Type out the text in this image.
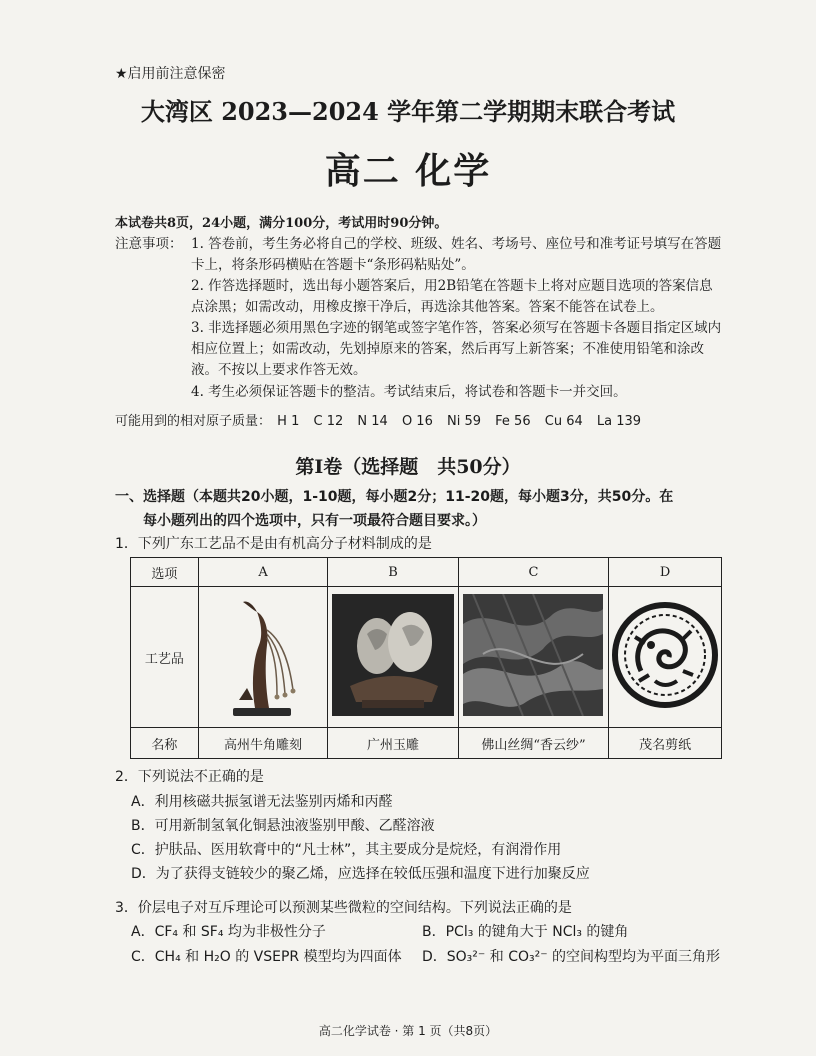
★启用前注意保密
大湾区 2023—2024 学年第二学期期末联合考试
高二 化学
本试卷共8页，24小题，满分100分，考试用时90分钟。
注意事项： 1. 答卷前，考生务必将自己的学校、班级、姓名、考场号、座位号和准考证号填写在答题卡上，将条形码横贴在答题卡“条形码粘贴处”。
2. 作答选择题时，选出每小题答案后，用2B铅笔在答题卡上将对应题目选项的答案信息点涂黑；如需改动，用橡皮擦干净后，再选涂其他答案。答案不能答在试卷上。
3. 非选择题必须用黑色字迹的钢笔或签字笔作答，答案必须写在答题卡各题目指定区域内相应位置上；如需改动，先划掉原来的答案，然后再写上新答案；不准使用铅笔和涂改液。不按以上要求作答无效。
4. 考生必须保证答题卡的整洁。考试结束后，将试卷和答题卡一并交回。
可能用到的相对原子质量： H 1 C 12 N 14 O 16 Ni 59 Fe 56 Cu 64 La 139
第Ⅰ卷（选择题　共50分）
一、选择题（本题共20小题，1-10题，每小题2分；11-20题，每小题3分，共50分。在
每小题列出的四个选项中，只有一项最符合题目要求。）
1．下列广东工艺品不是由有机高分子材料制成的是
选项	A	B	C	D
工艺品				
名称	高州牛角雕刻	广州玉雕	佛山丝绸“香云纱”	茂名剪纸
2．下列说法不正确的是
A．利用核磁共振氢谱无法鉴别丙烯和丙醛
B．可用新制氢氧化铜悬浊液鉴别甲酸、乙醛溶液
C．护肤品、医用软膏中的“凡士林”，其主要成分是烷烃，有润滑作用
D．为了获得支链较少的聚乙烯，应选择在较低压强和温度下进行加聚反应
3．价层电子对互斥理论可以预测某些微粒的空间结构。下列说法正确的是
A．CF₄ 和 SF₄ 均为非极性分子	B．PCl₃ 的键角大于 NCl₃ 的键角
C．CH₄ 和 H₂O 的 VSEPR 模型均为四面体 D．SO₃²⁻ 和 CO₃²⁻ 的空间构型均为平面三角形
高二化学试卷 · 第 1 页（共8页）
